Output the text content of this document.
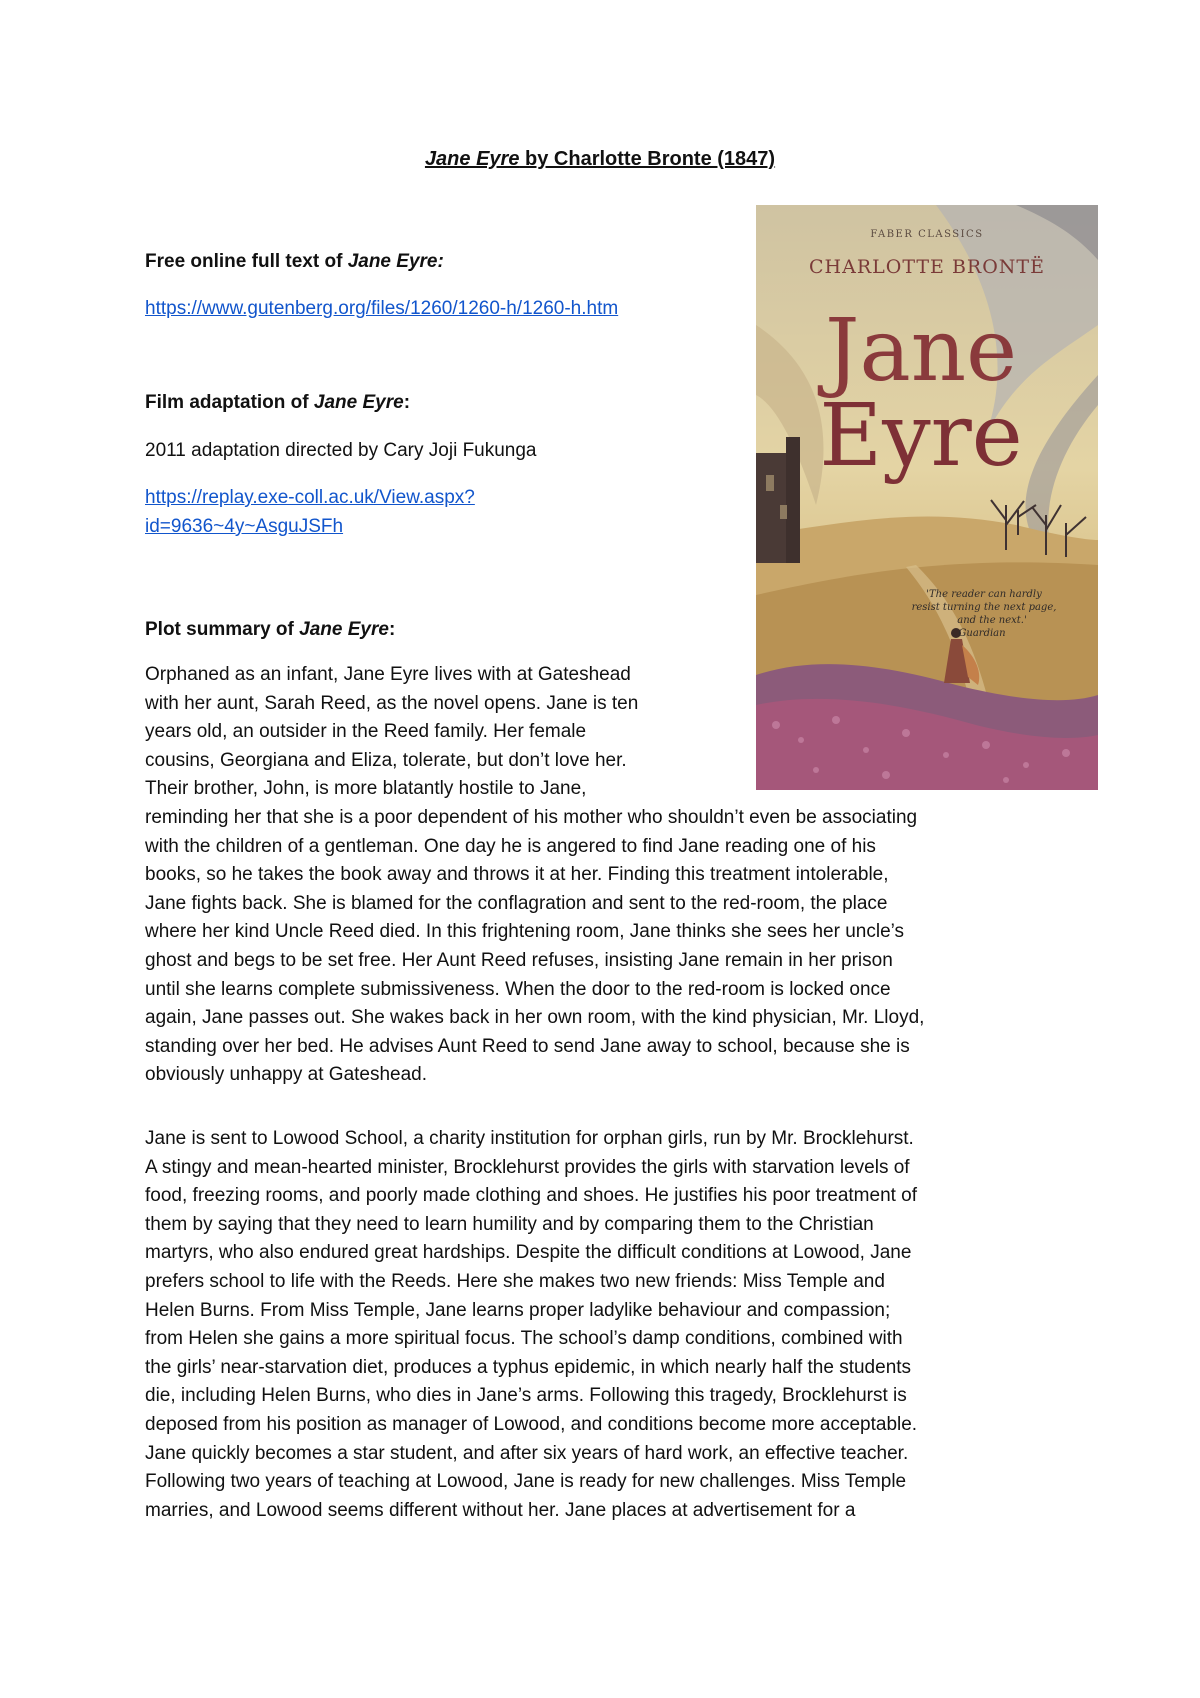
Jane Eyre by Charlotte Bronte (1847)
Free online full text of Jane Eyre:
https://www.gutenberg.org/files/1260/1260-h/1260-h.htm
Film adaptation of Jane Eyre:
2011 adaptation directed by Cary Joji Fukunga
https://replay.exe-coll.ac.uk/View.aspx?
id=9636~4y~AsguJSFh
Plot summary of Jane Eyre:
Orphaned as an infant, Jane Eyre lives with at Gateshead
with her aunt, Sarah Reed, as the novel opens. Jane is ten
years old, an outsider in the Reed family. Her female
cousins, Georgiana and Eliza, tolerate, but don’t love her.
Their brother, John, is more blatantly hostile to Jane,
reminding her that she is a poor dependent of his mother who shouldn’t even be associating
with the children of a gentleman. One day he is angered to find Jane reading one of his
books, so he takes the book away and throws it at her. Finding this treatment intolerable,
Jane fights back. She is blamed for the conflagration and sent to the red-room, the place
where her kind Uncle Reed died. In this frightening room, Jane thinks she sees her uncle’s
ghost and begs to be set free. Her Aunt Reed refuses, insisting Jane remain in her prison
until she learns complete submissiveness. When the door to the red-room is locked once
again, Jane passes out. She wakes back in her own room, with the kind physician, Mr. Lloyd,
standing over her bed. He advises Aunt Reed to send Jane away to school, because she is
obviously unhappy at Gateshead.
Jane is sent to Lowood School, a charity institution for orphan girls, run by Mr. Brocklehurst.
A stingy and mean-hearted minister, Brocklehurst provides the girls with starvation levels of
food, freezing rooms, and poorly made clothing and shoes. He justifies his poor treatment of
them by saying that they need to learn humility and by comparing them to the Christian
martyrs, who also endured great hardships. Despite the difficult conditions at Lowood, Jane
prefers school to life with the Reeds. Here she makes two new friends: Miss Temple and
Helen Burns. From Miss Temple, Jane learns proper ladylike behaviour and compassion;
from Helen she gains a more spiritual focus. The school’s damp conditions, combined with
the girls’ near-starvation diet, produces a typhus epidemic, in which nearly half the students
die, including Helen Burns, who dies in Jane’s arms. Following this tragedy, Brocklehurst is
deposed from his position as manager of Lowood, and conditions become more acceptable.
Jane quickly becomes a star student, and after six years of hard work, an effective teacher.
Following two years of teaching at Lowood, Jane is ready for new challenges. Miss Temple
marries, and Lowood seems different without her. Jane places at advertisement for a
FABER CLASSICS
CHARLOTTE BRONTË
Jane
Eyre
'The reader can hardly
resist turning the next page,
and the next.'
Guardian
